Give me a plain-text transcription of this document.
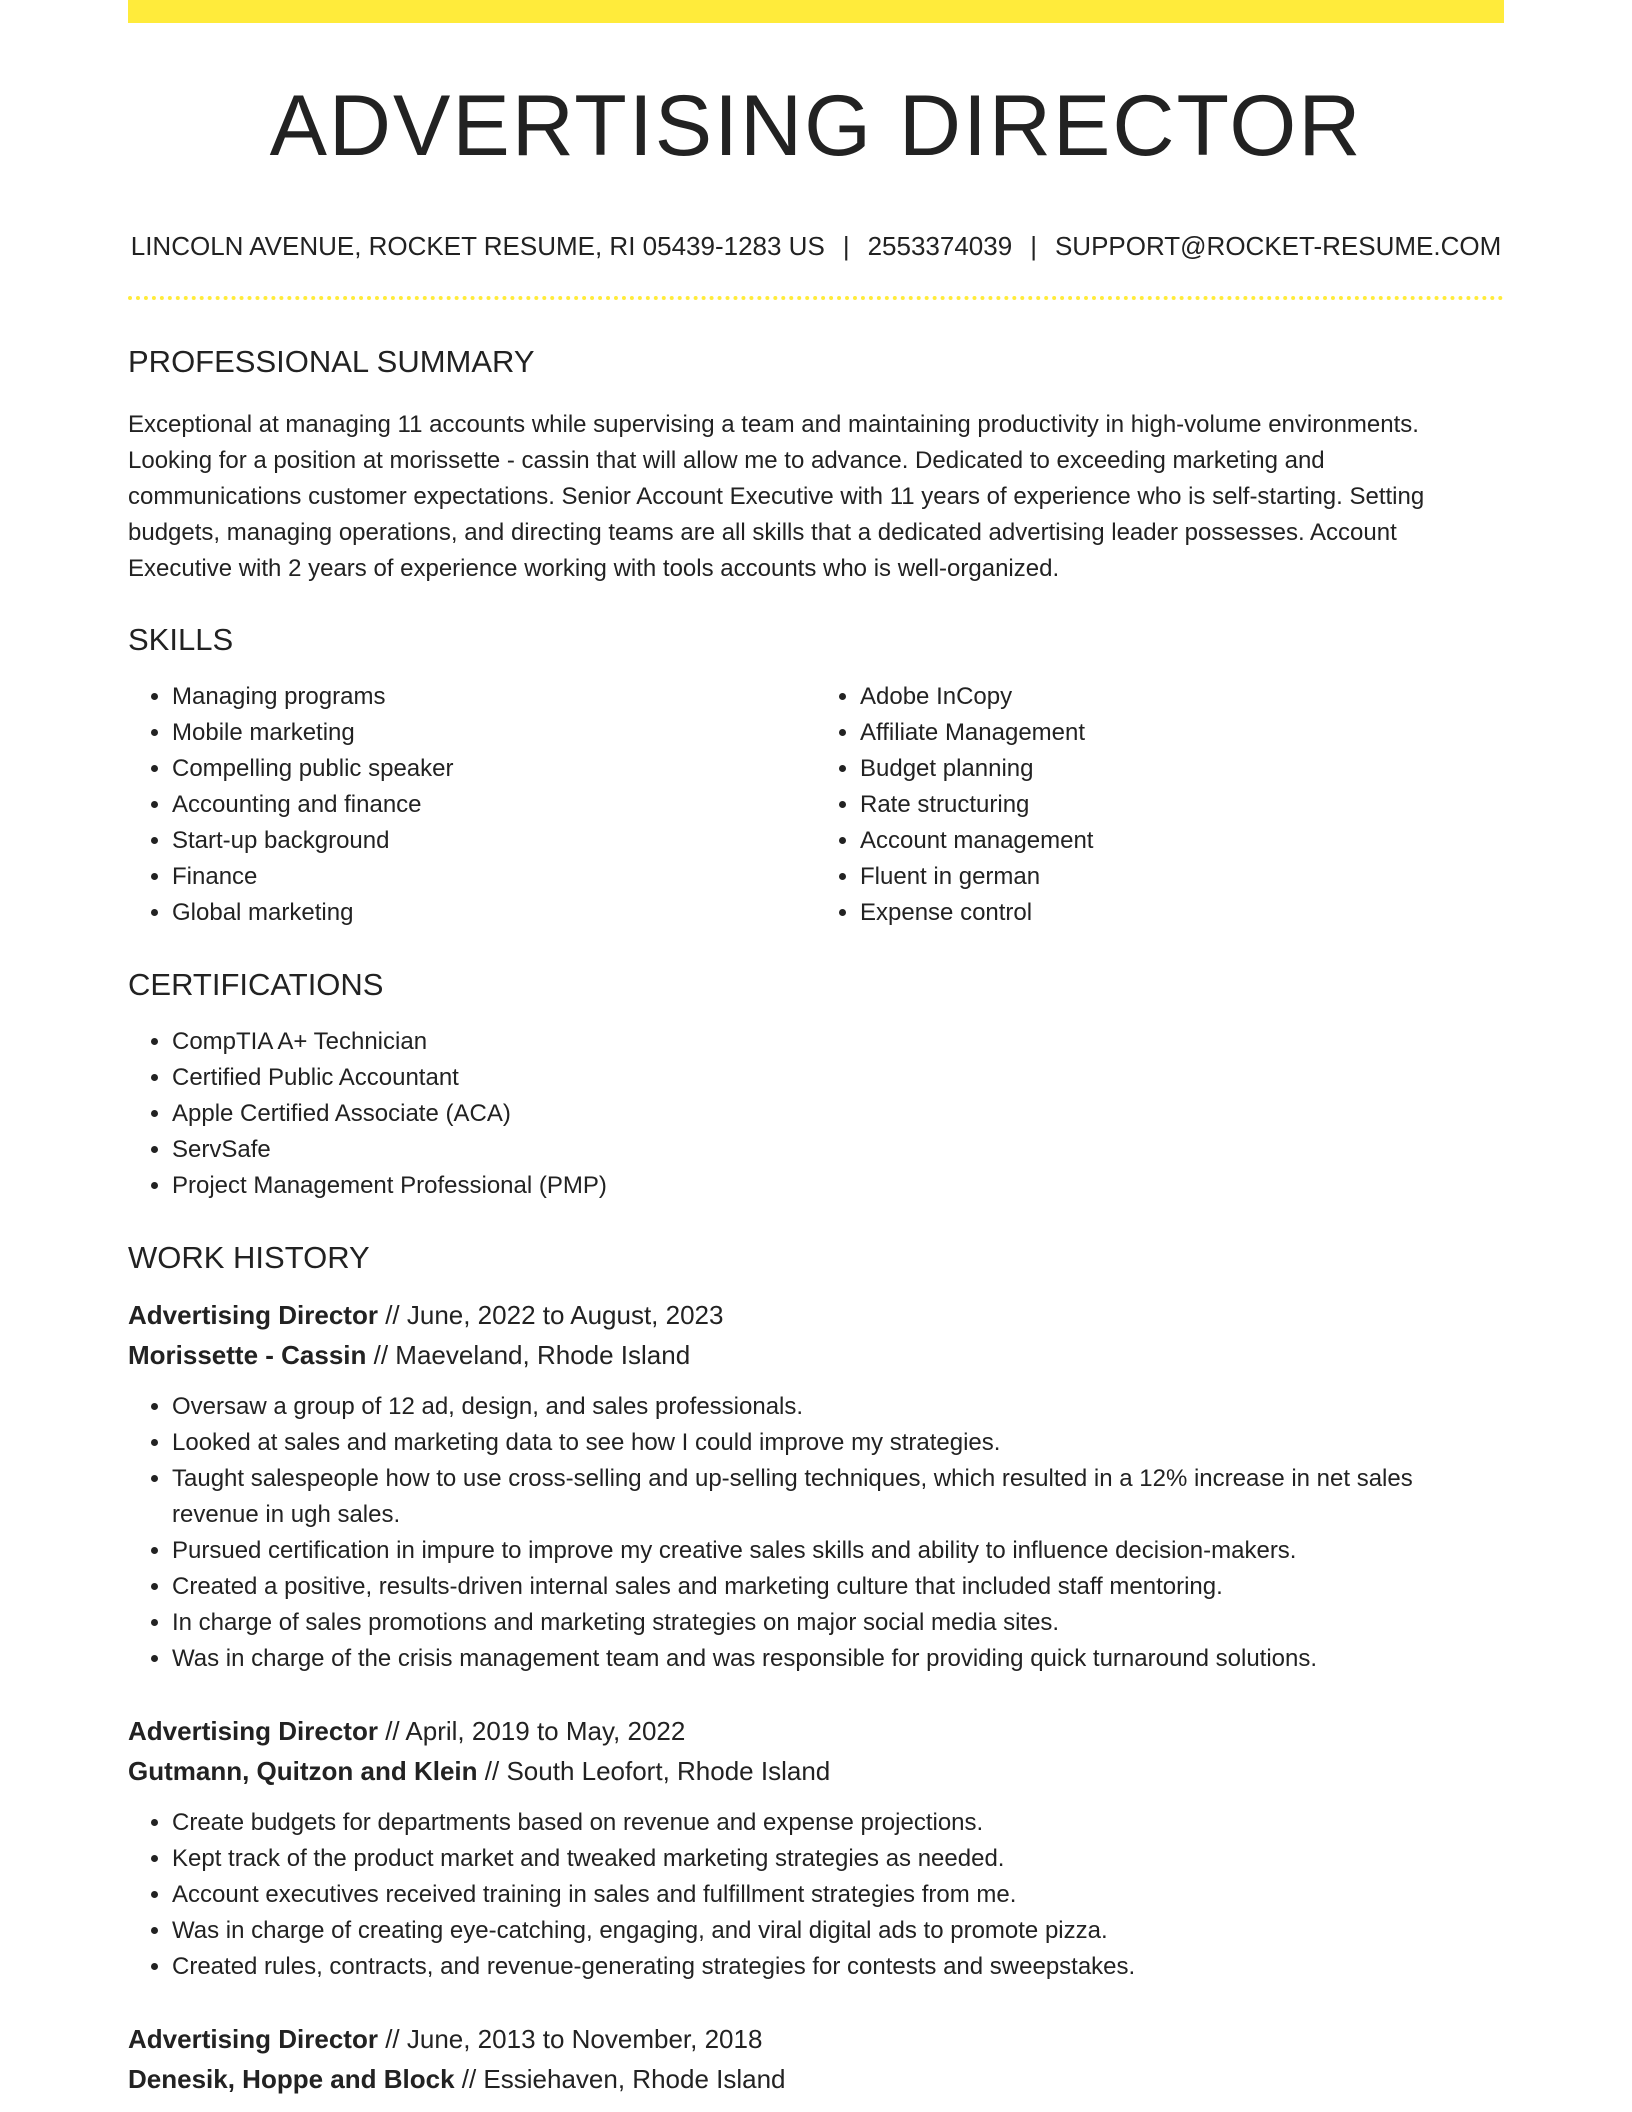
ADVERTISING DIRECTOR
LINCOLN AVENUE, ROCKET RESUME, RI 05439-1283 US | 2553374039 | SUPPORT@ROCKET-RESUME.COM
PROFESSIONAL SUMMARY

Exceptional at managing 11 accounts while supervising a team and maintaining productivity in high-volume environments. Looking for a position at morissette - cassin that will allow me to advance. Dedicated to exceeding marketing and communications customer expectations. Senior Account Executive with 11 years of experience who is self-starting. Setting budgets, managing operations, and directing teams are all skills that a dedicated advertising leader possesses. Account Executive with 2 years of experience working with tools accounts who is well-organized.

SKILLS
• Managing programs
• Mobile marketing
• Compelling public speaker
• Accounting and finance
• Start-up background
• Finance
• Global marketing
• Adobe InCopy
• Affiliate Management
• Budget planning
• Rate structuring
• Account management
• Fluent in german
• Expense control
CERTIFICATIONS
• CompTIA A+ Technician
• Certified Public Accountant
• Apple Certified Associate (ACA)
• ServSafe
• Project Management Professional (PMP)
WORK HISTORY
Advertising Director // June, 2022 to August, 2023
Morissette - Cassin // Maeveland, Rhode Island
• Oversaw a group of 12 ad, design, and sales professionals.
• Looked at sales and marketing data to see how I could improve my strategies.
• Taught salespeople how to use cross-selling and up-selling techniques, which resulted in a 12% increase in net sales revenue in ugh sales.
• Pursued certification in impure to improve my creative sales skills and ability to influence decision-makers.
• Created a positive, results-driven internal sales and marketing culture that included staff mentoring.
• In charge of sales promotions and marketing strategies on major social media sites.
• Was in charge of the crisis management team and was responsible for providing quick turnaround solutions.
Advertising Director // April, 2019 to May, 2022
Gutmann, Quitzon and Klein // South Leofort, Rhode Island
• Create budgets for departments based on revenue and expense projections.
• Kept track of the product market and tweaked marketing strategies as needed.
• Account executives received training in sales and fulfillment strategies from me.
• Was in charge of creating eye-catching, engaging, and viral digital ads to promote pizza.
• Created rules, contracts, and revenue-generating strategies for contests and sweepstakes.
Advertising Director // June, 2013 to November, 2018
Denesik, Hoppe and Block // Essiehaven, Rhode Island
